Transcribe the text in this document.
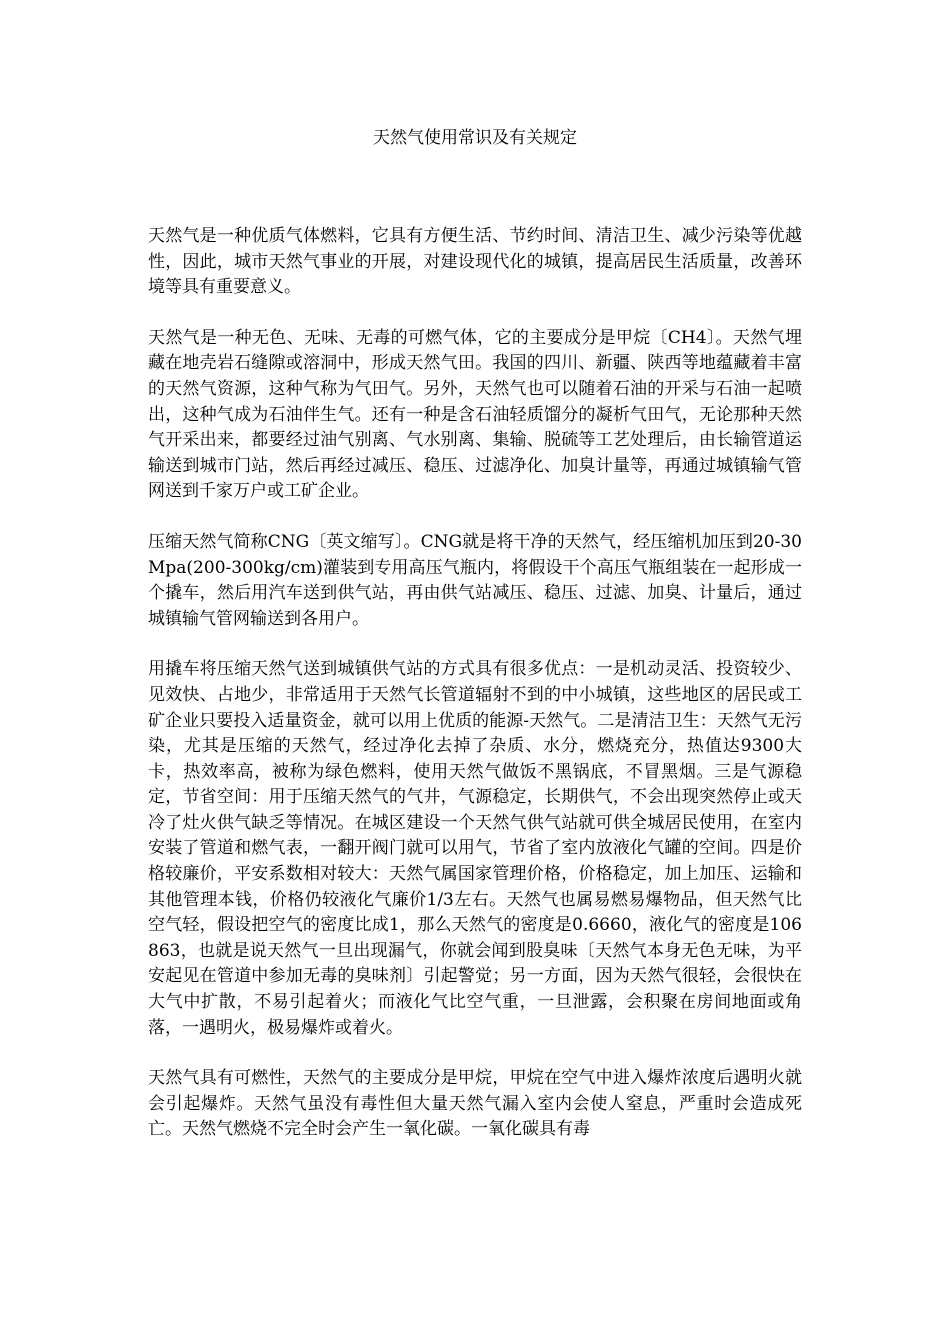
天然气使用常识及有关规定

天然气是一种优质气体燃料，它具有方便生活、节约时间、清洁卫生、减少污染等优越性，因此，城市天然气事业的开展，对建设现代化的城镇，提高居民生活质量，改善环境等具有重要意义。

天然气是一种无色、无味、无毒的可燃气体，它的主要成分是甲烷〔CH4〕。天然气埋藏在地壳岩石缝隙或溶洞中，形成天然气田。我国的四川、新疆、陕西等地蕴藏着丰富的天然气资源，这种气称为气田气。另外，天然气也可以随着石油的开采与石油一起喷出，这种气成为石油伴生气。还有一种是含石油轻质馏分的凝析气田气，无论那种天然气开采出来，都要经过油气别离、气水别离、集输、脱硫等工艺处理后，由长输管道运输送到城市门站，然后再经过减压、稳压、过滤净化、加臭计量等，再通过城镇输气管网送到千家万户或工矿企业。

压缩天然气简称CNG〔英文缩写〕。CNG就是将干净的天然气，经压缩机加压到20-30Mpa(200-300kg/cm)灌装到专用高压气瓶内，将假设干个高压气瓶组装在一起形成一个撬车，然后用汽车送到供气站，再由供气站减压、稳压、过滤、加臭、计量后，通过城镇输气管网输送到各用户。

用撬车将压缩天然气送到城镇供气站的方式具有很多优点：一是机动灵活、投资较少、见效快、占地少，非常适用于天然气长管道辐射不到的中小城镇，这些地区的居民或工矿企业只要投入适量资金，就可以用上优质的能源-天然气。二是清洁卫生：天然气无污染，尤其是压缩的天然气，经过净化去掉了杂质、水分，燃烧充分，热值达9300大卡，热效率高，被称为绿色燃料，使用天然气做饭不黑锅底，不冒黑烟。三是气源稳定，节省空间：用于压缩天然气的气井，气源稳定，长期供气，不会出现突然停止或天冷了灶火供气缺乏等情况。在城区建设一个天然气供气站就可供全城居民使用，在室内安装了管道和燃气表，一翻开阀门就可以用气，节省了室内放液化气罐的空间。四是价格较廉价，平安系数相对较大：天然气属国家管理价格，价格稳定，加上加压、运输和其他管理本钱，价格仍较液化气廉价1/3左右。天然气也属易燃易爆物品，但天然气比空气轻，假设把空气的密度比成1，那么天然气的密度是0.6660，液化气的密度是106863，也就是说天然气一旦出现漏气，你就会闻到股臭味〔天然气本身无色无味，为平安起见在管道中参加无毒的臭味剂〕引起警觉；另一方面，因为天然气很轻，会很快在大气中扩散，不易引起着火；而液化气比空气重，一旦泄露，会积聚在房间地面或角落，一遇明火，极易爆炸或着火。

天然气具有可燃性，天然气的主要成分是甲烷，甲烷在空气中进入爆炸浓度后遇明火就会引起爆炸。天然气虽没有毒性但大量天然气漏入室内会使人窒息，严重时会造成死亡。天然气燃烧不完全时会产生一氧化碳。一氧化碳具有毒
